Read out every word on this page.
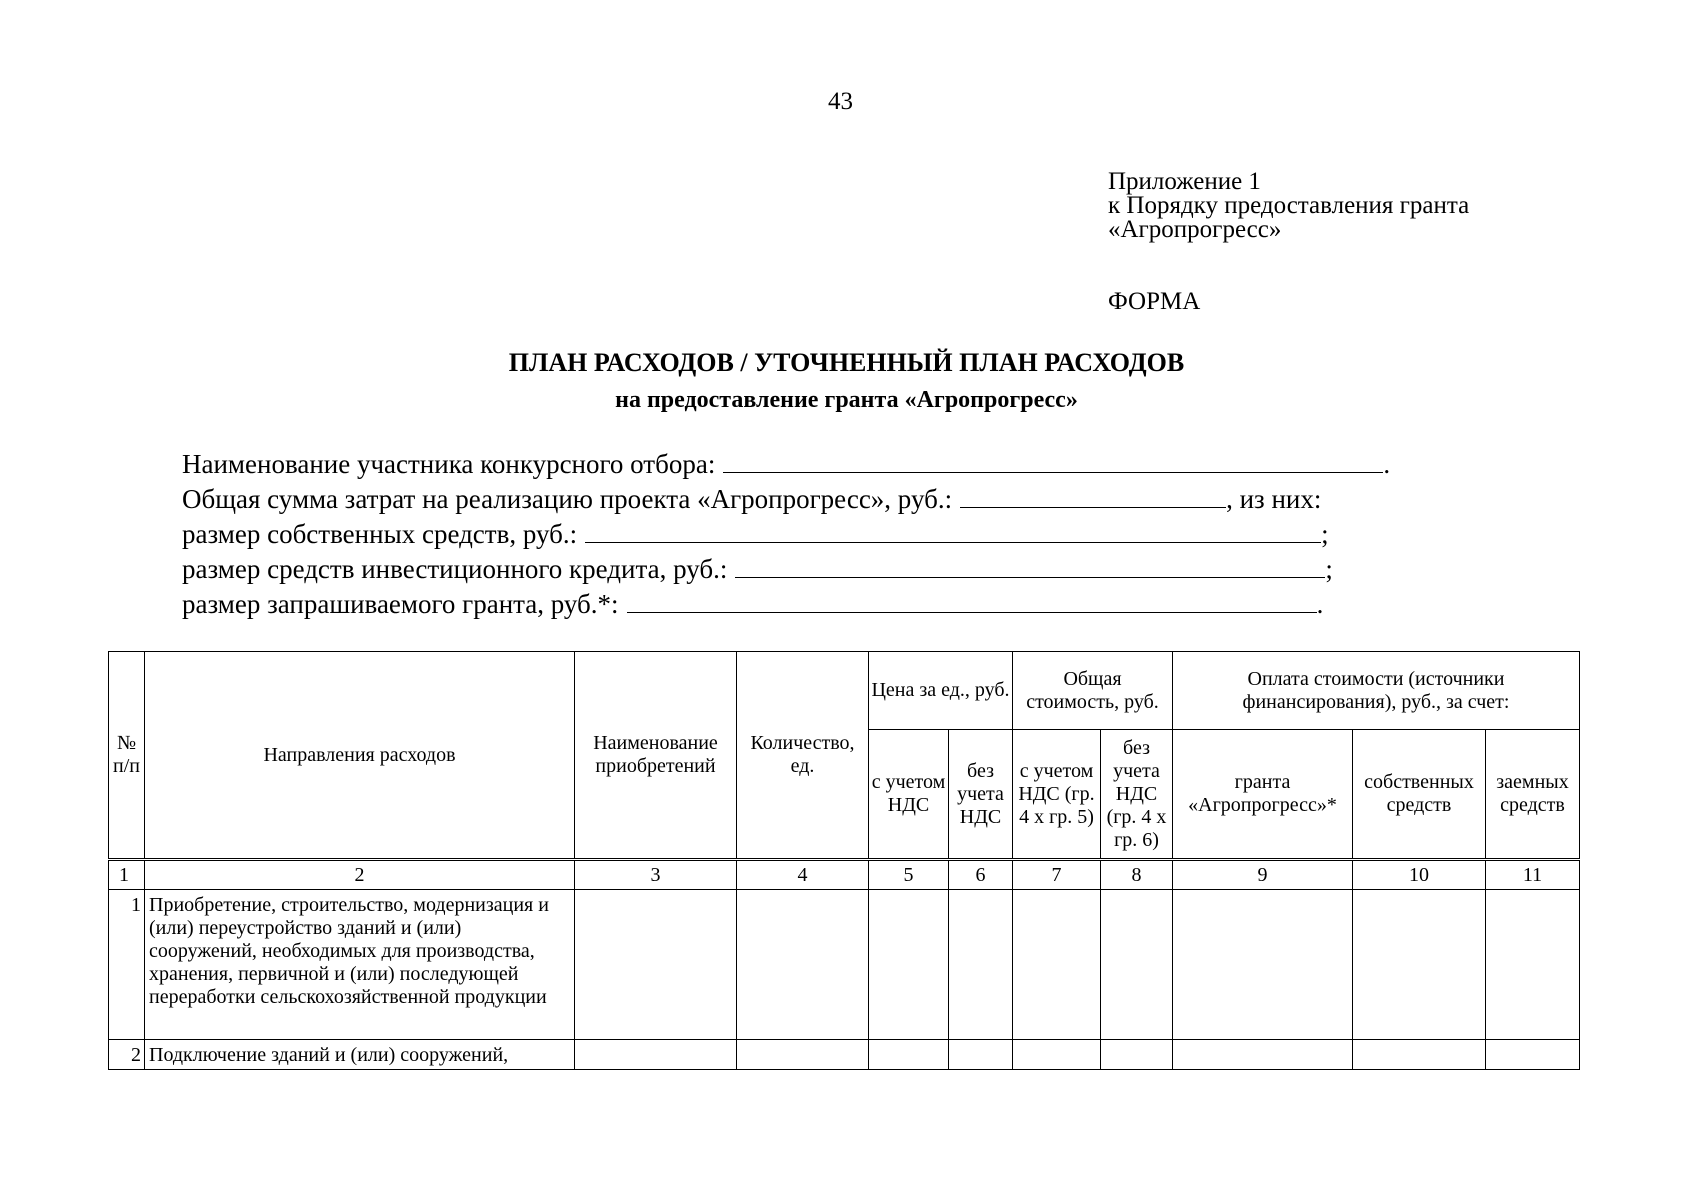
43
Приложение 1
к Порядку предоставления гранта
«Агропрогресс»
ФОРМА
ПЛАН РАСХОДОВ / УТОЧНЕННЫЙ ПЛАН РАСХОДОВ
на предоставление гранта «Агропрогресс»
Наименование участника конкурсного отбора:	.
Общая сумма затрат на реализацию проекта «Агропрогресс», руб.:	, из них:
размер собственных средств, руб.:	;
размер средств инвестиционного кредита, руб.:	;
размер запрашиваемого гранта, руб.*:	.
№ п/п	Направления расходов	Наименование приобретений	Количество, ед.	Цена за ед., руб.		Общая стоимость, руб.		Оплата стоимости (источники финансирования), руб., за счет:		
				с учетом НДС	без учета НДС	с учетом НДС (гр. 4 х гр. 5)	без учета НДС (гр. 4 х гр. 6)	гранта «Агропрогресс»*	собственных средств	заемных средств
1	2	3	4	5	6	7	8	9	10	11
1	Приобретение, строительство, модернизация и (или) переустройство зданий и (или) сооружений, необходимых для производства, хранения, первичной и (или) последующей переработки сельскохозяйственной продукции									
2	Подключение зданий и (или) сооружений,									
